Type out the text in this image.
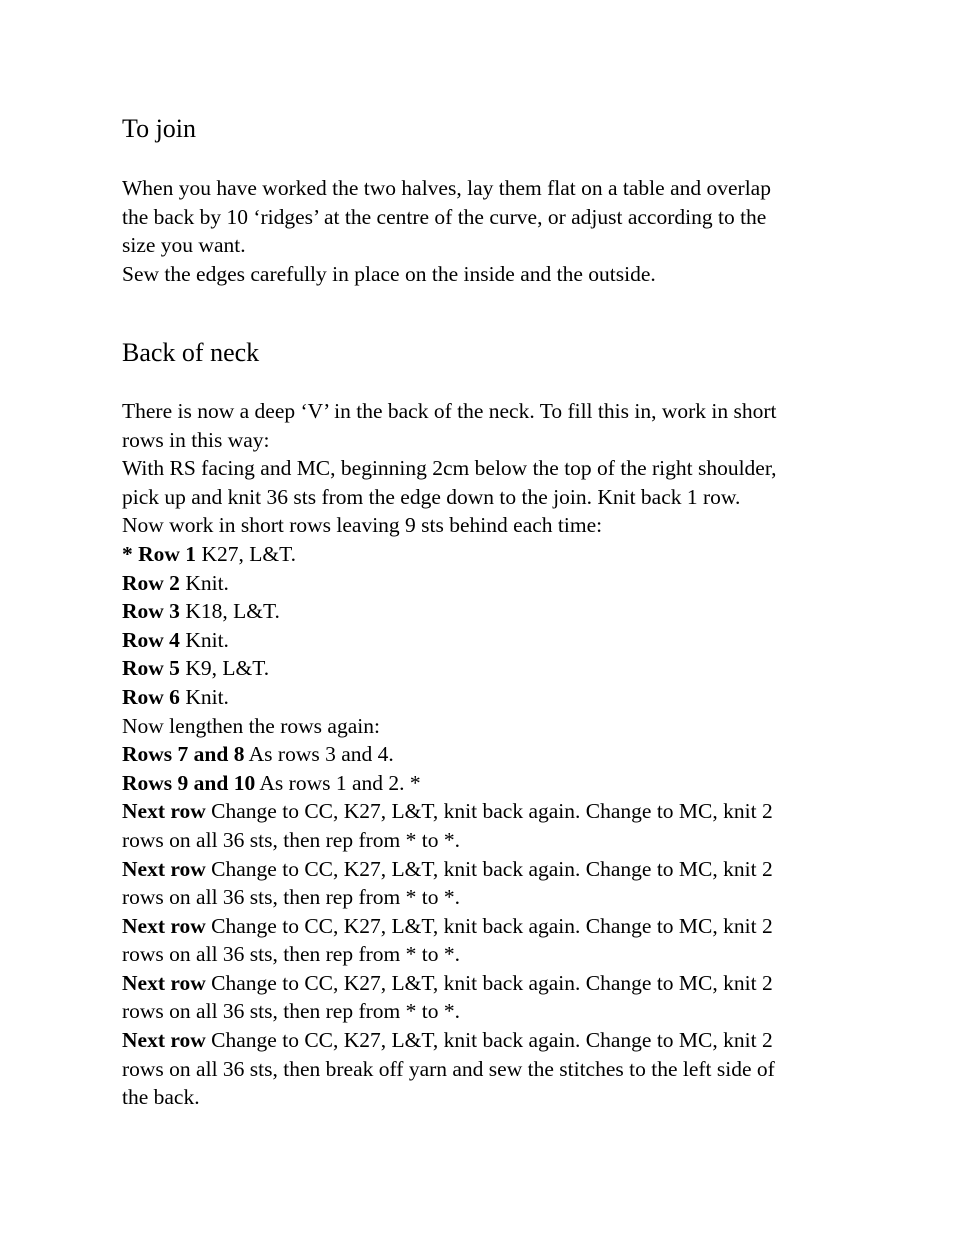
To join
When you have worked the two halves, lay them flat on a table and overlap
the back by 10 ‘ridges’ at the centre of the curve, or adjust according to the
size you want.
Sew the edges carefully in place on the inside and the outside.
Back of neck
There is now a deep ‘V’ in the back of the neck. To fill this in, work in short
rows in this way:
With RS facing and MC, beginning 2cm below the top of the right shoulder,
pick up and knit 36 sts from the edge down to the join. Knit back 1 row.
Now work in short rows leaving 9 sts behind each time:
* Row 1 K27, L&T.
Row 2 Knit.
Row 3 K18, L&T.
Row 4 Knit.
Row 5 K9, L&T.
Row 6 Knit.
Now lengthen the rows again:
Rows 7 and 8 As rows 3 and 4.
Rows 9 and 10 As rows 1 and 2. *
Next row Change to CC, K27, L&T, knit back again. Change to MC, knit 2
rows on all 36 sts, then rep from * to *.
Next row Change to CC, K27, L&T, knit back again. Change to MC, knit 2
rows on all 36 sts, then rep from * to *.
Next row Change to CC, K27, L&T, knit back again. Change to MC, knit 2
rows on all 36 sts, then rep from * to *.
Next row Change to CC, K27, L&T, knit back again. Change to MC, knit 2
rows on all 36 sts, then rep from * to *.
Next row Change to CC, K27, L&T, knit back again. Change to MC, knit 2
rows on all 36 sts, then break off yarn and sew the stitches to the left side of
the back.
